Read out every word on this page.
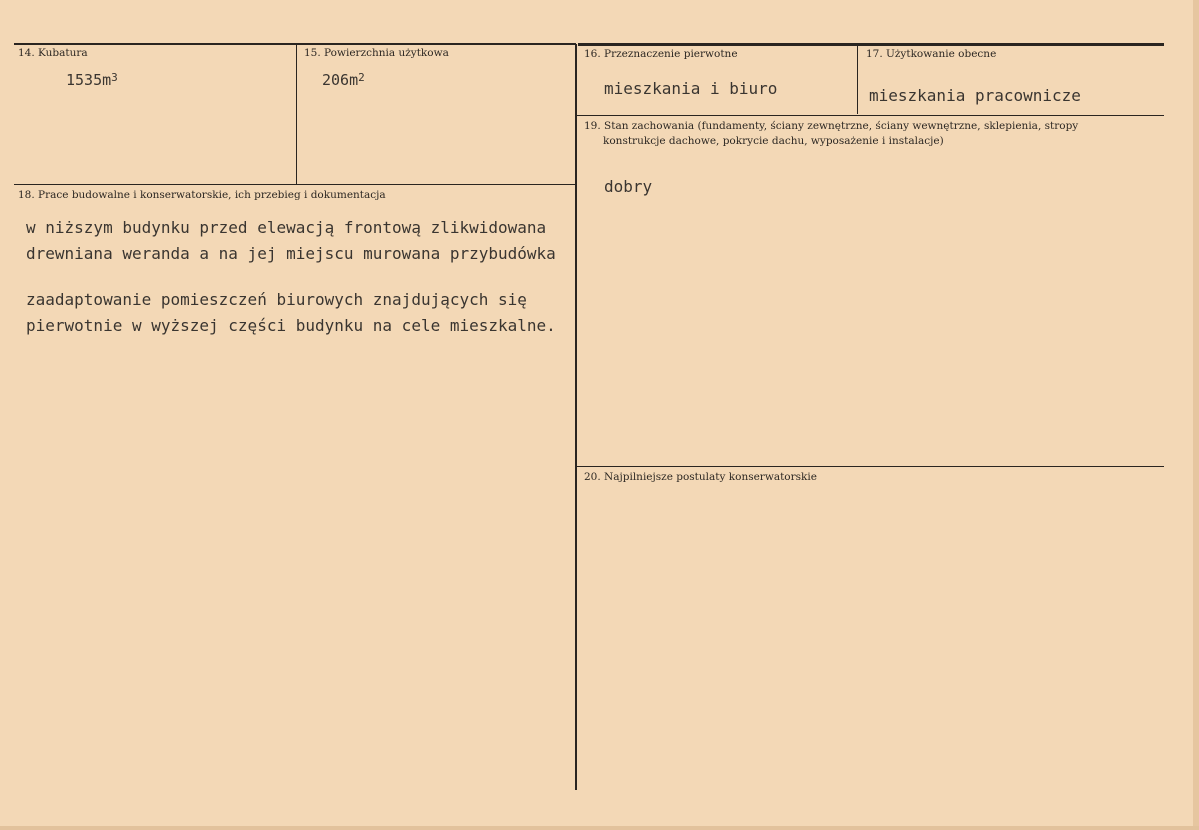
14. Kubatura
$1535m^3$
15. Powierzchnia użytkowa
$206m^2$
16. Przeznaczenie pierwotne
mieszkania i biuro
17. Użytkowanie obecne
mieszkania pracownicze
19. Stan zachowania (fundamenty, ściany zewnętrzne, ściany wewnętrzne, sklepienia, stropy
konstrukcje dachowe, pokrycie dachu, wyposażenie i instalacje)
dobry
18. Prace budowalne i konserwatorskie, ich przebieg i dokumentacja
w niższym budynku przed elewacją frontową zlikwidowana
drewniana weranda a na jej miejscu murowana przybudówka
zaadaptowanie pomieszczeń biurowych znajdujących się
pierwotnie w wyższej części budynku na cele mieszkalne.
20. Najpilniejsze postulaty konserwatorskie
